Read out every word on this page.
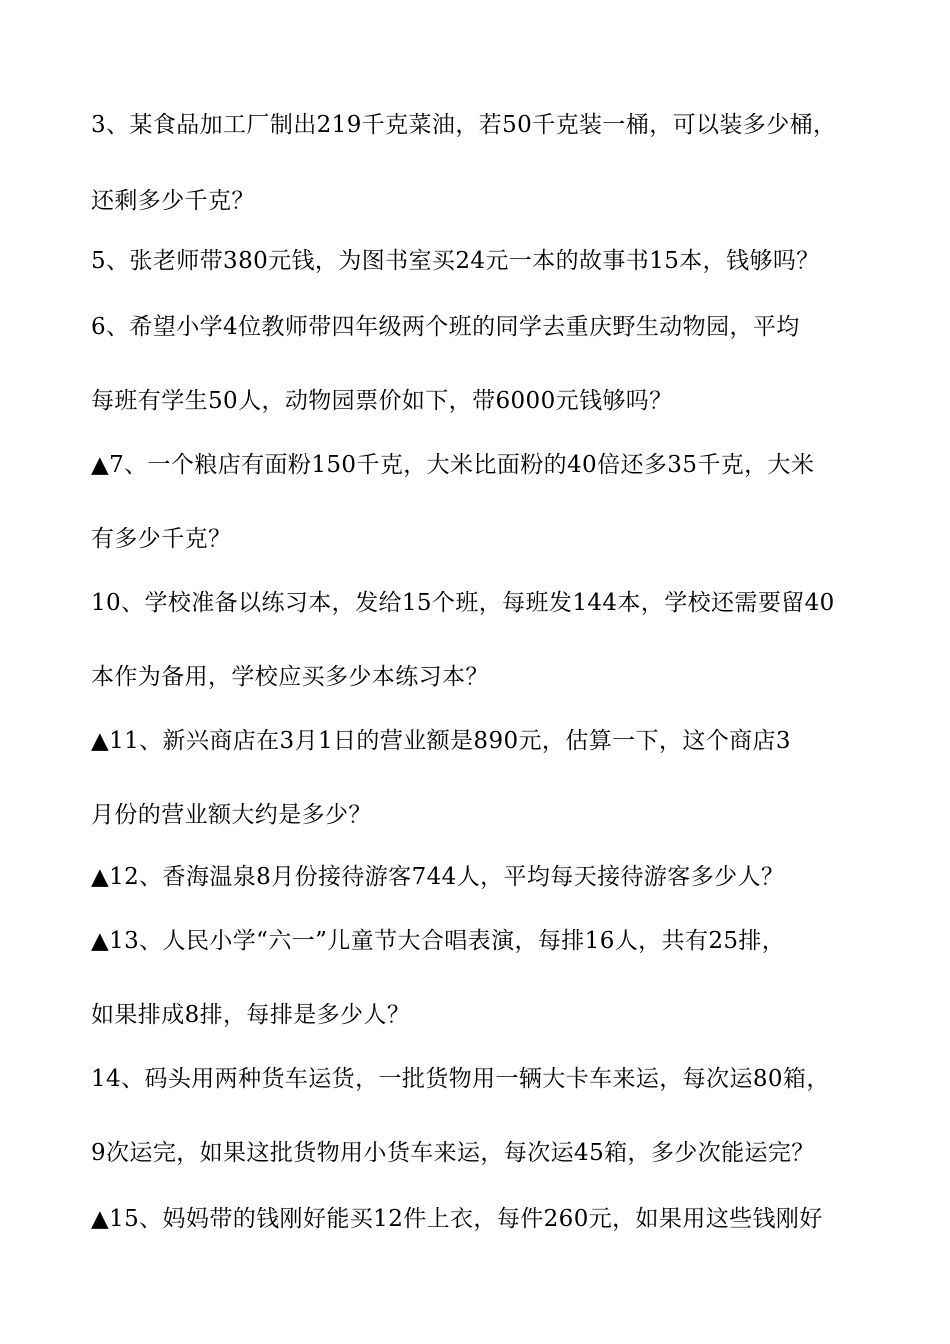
3、某食品加工厂制出219千克菜油，若50千克装一桶，可以装多少桶，
还剩多少千克？
5、张老师带380元钱，为图书室买24元一本的故事书15本，钱够吗？
6、希望小学4位教师带四年级两个班的同学去重庆野生动物园，平均
每班有学生50人，动物园票价如下，带6000元钱够吗？
▲7、一个粮店有面粉150千克，大米比面粉的40倍还多35千克，大米
有多少千克？
10、学校准备以练习本，发给15个班，每班发144本，学校还需要留40
本作为备用，学校应买多少本练习本？
▲11、新兴商店在3月1日的营业额是890元，估算一下，这个商店3
月份的营业额大约是多少？
▲12、香海温泉8月份接待游客744人，平均每天接待游客多少人？
▲13、人民小学“六一”儿童节大合唱表演，每排16人，共有25排，
如果排成8排，每排是多少人？
14、码头用两种货车运货，一批货物用一辆大卡车来运，每次运80箱，
9次运完，如果这批货物用小货车来运，每次运45箱，多少次能运完？
▲15、妈妈带的钱刚好能买12件上衣，每件260元，如果用这些钱刚好
